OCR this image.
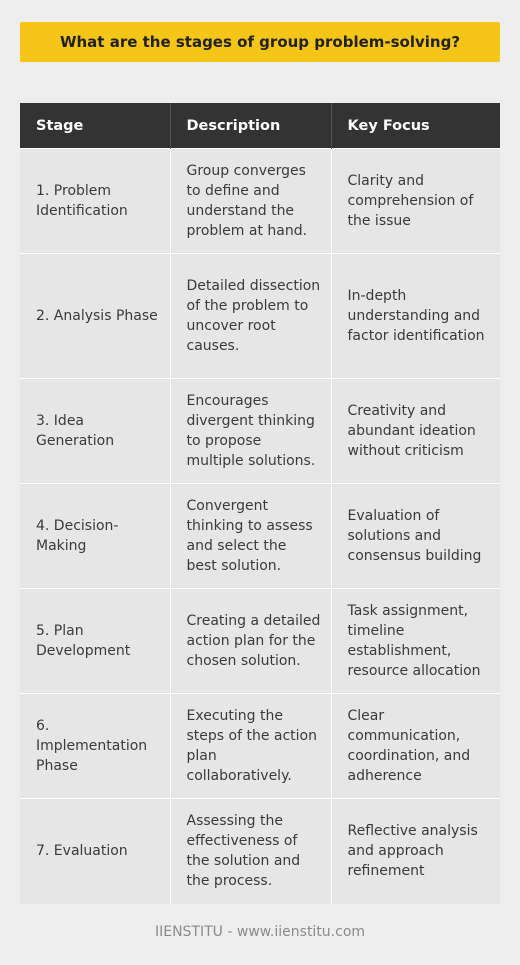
What are the stages of group problem-solving?
Stage	Description	Key Focus
1. Problem Identification	Group converges to define and understand the problem at hand.	Clarity and comprehension of the issue
2. Analysis Phase	Detailed dissection of the problem to uncover root causes.	In-depth understanding and factor identification
3. Idea Generation	Encourages divergent thinking to propose multiple solutions.	Creativity and abundant ideation without criticism
4. Decision-Making	Convergent thinking to assess and select the best solution.	Evaluation of solutions and consensus building
5. Plan Development	Creating a detailed action plan for the chosen solution.	Task assignment, timeline establishment, resource allocation
6. Implementation Phase	Executing the steps of the action plan collaboratively.	Clear communication, coordination, and adherence
7. Evaluation	Assessing the effectiveness of the solution and the process.	Reflective analysis and approach refinement
IIENSTITU - www.iienstitu.com
